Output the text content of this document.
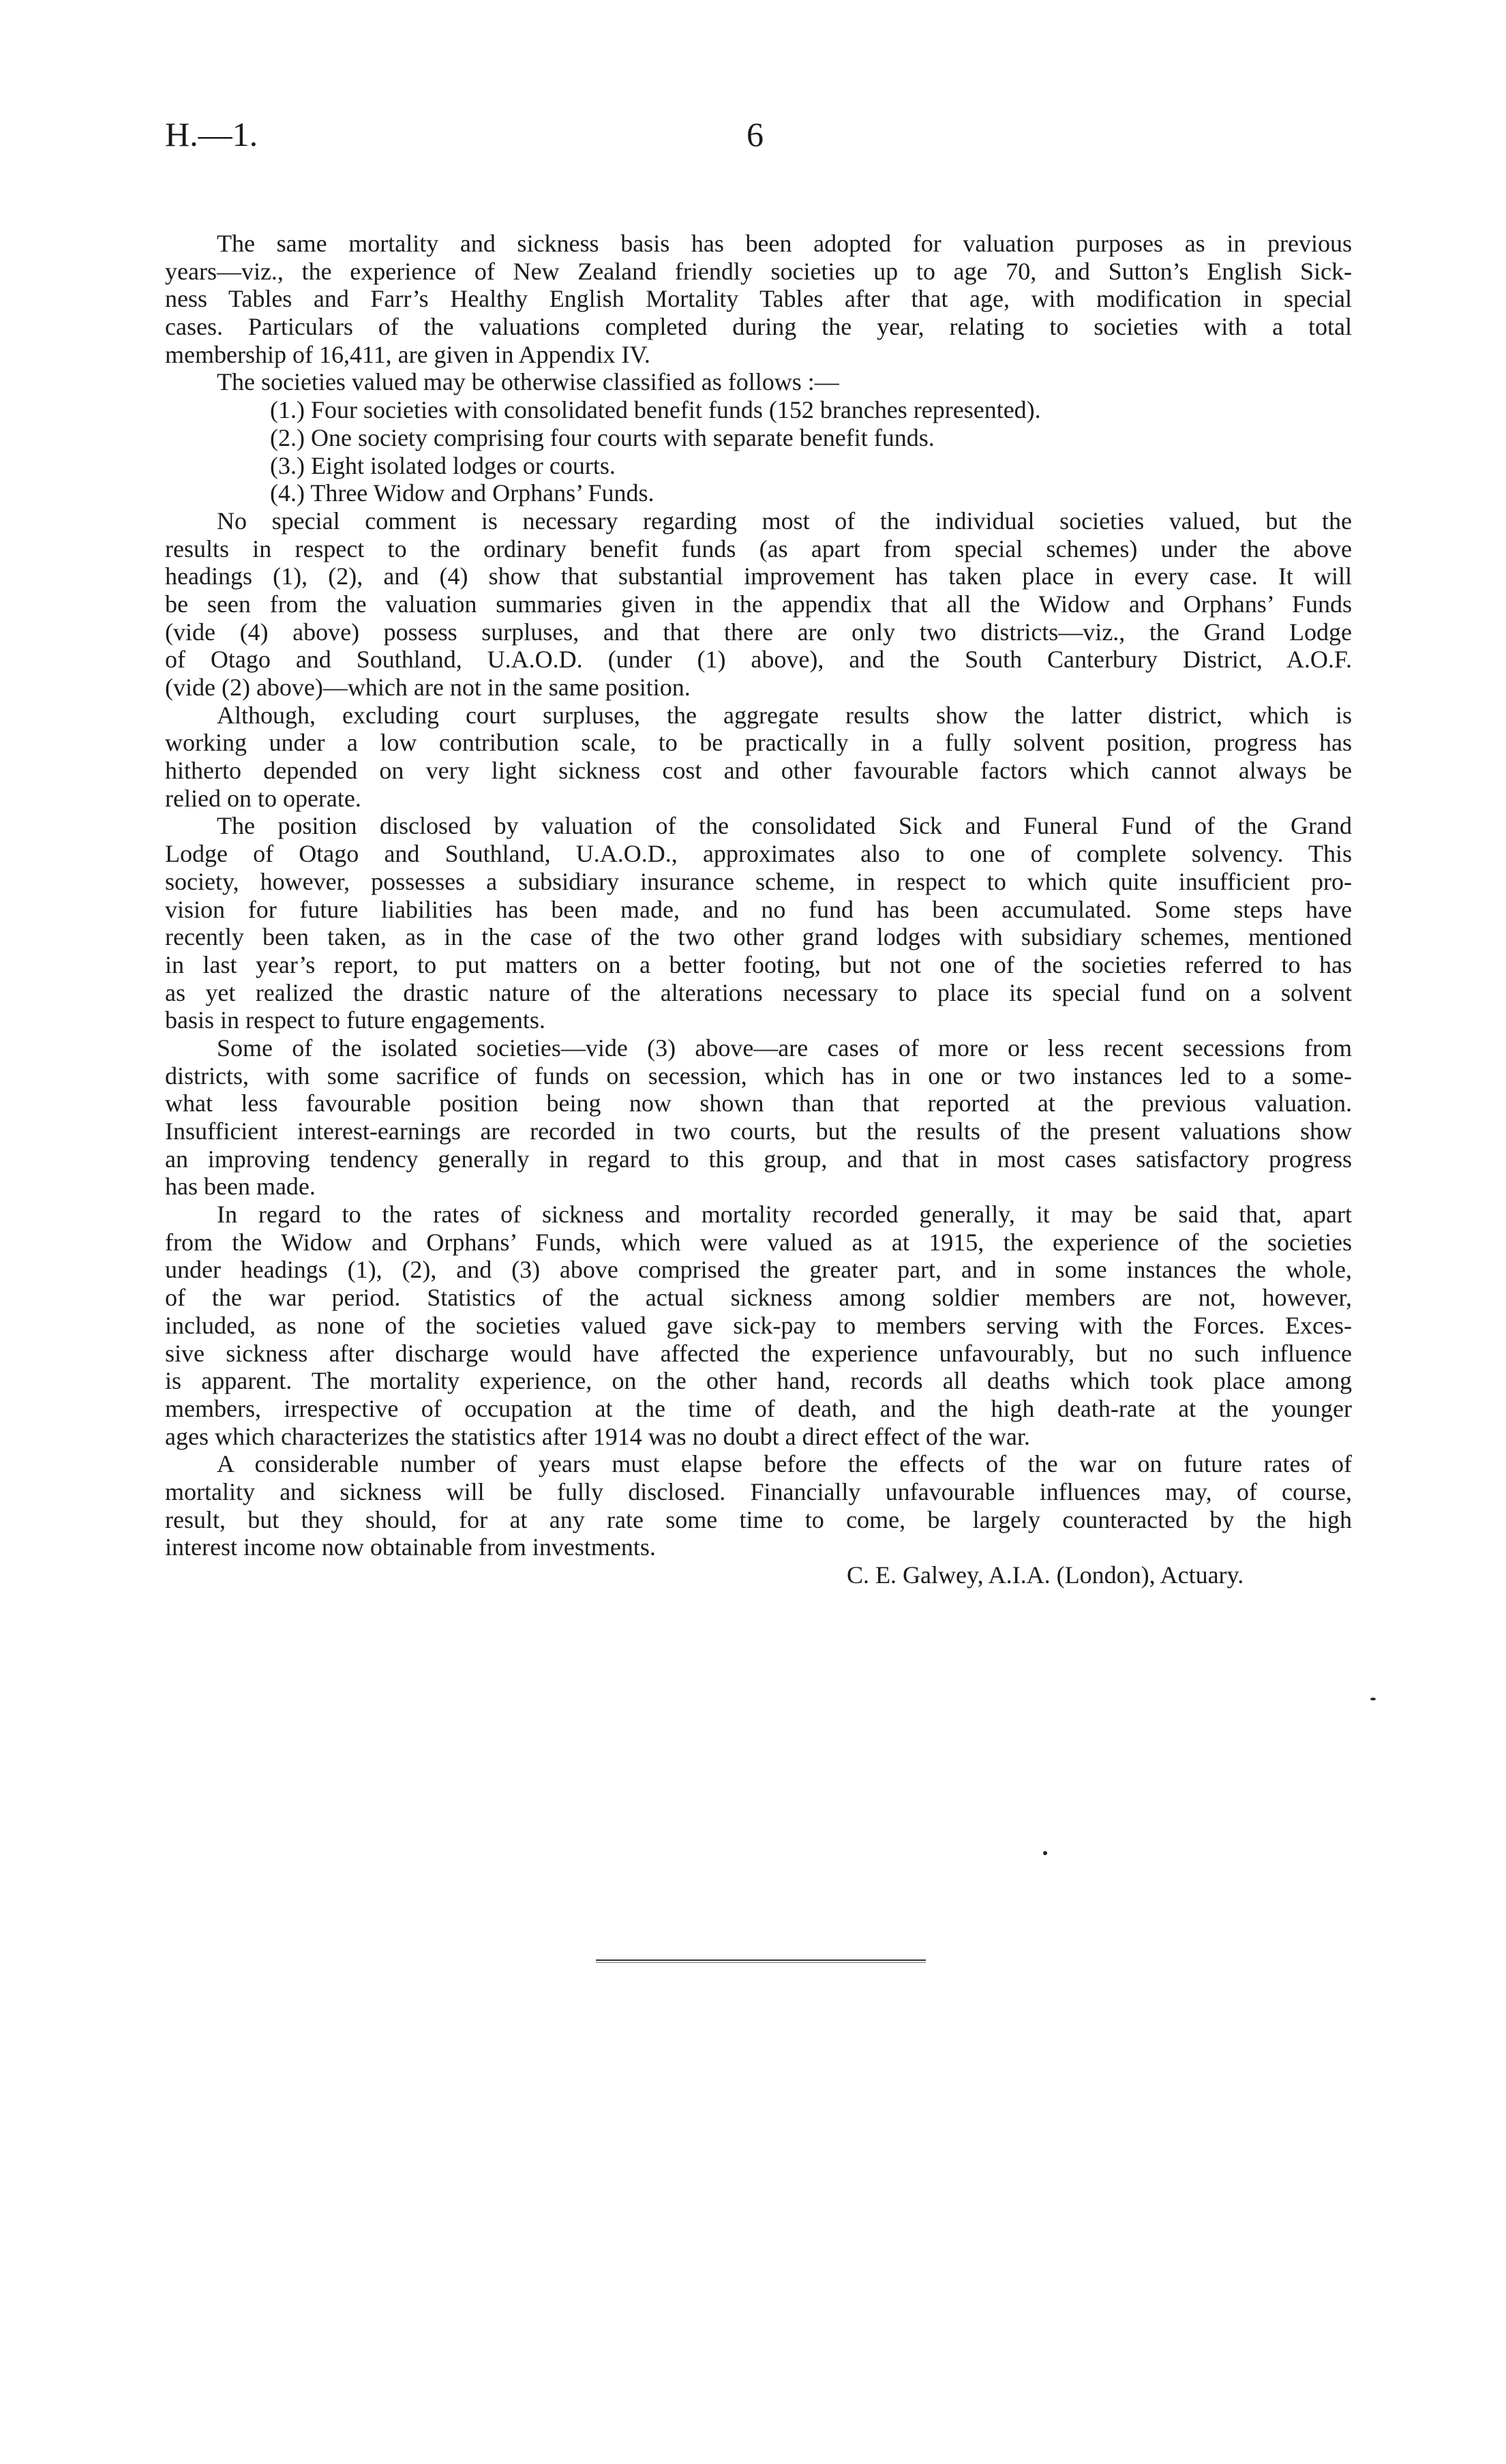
H.—1.	6
The same mortality and sickness basis has been adopted for valuation purposes as in previous
years—viz., the experience of New Zealand friendly societies up to age 70, and Sutton’s English Sick-
ness Tables and Farr’s Healthy English Mortality Tables after that age, with modification in special
cases. Particulars of the valuations completed during the year, relating to societies with a total
membership of 16,411, are given in Appendix IV.
The societies valued may be otherwise classified as follows :—
(1.) Four societies with consolidated benefit funds (152 branches represented).
(2.) One society comprising four courts with separate benefit funds.
(3.) Eight isolated lodges or courts.
(4.) Three Widow and Orphans’ Funds.
No special comment is necessary regarding most of the individual societies valued, but the
results in respect to the ordinary benefit funds (as apart from special schemes) under the above
headings (1), (2), and (4) show that substantial improvement has taken place in every case. It will
be seen from the valuation summaries given in the appendix that all the Widow and Orphans’ Funds
(vide (4) above) possess surpluses, and that there are only two districts—viz., the Grand Lodge
of Otago and Southland, U.A.O.D. (under (1) above), and the South Canterbury District, A.O.F.
(vide (2) above)—which are not in the same position.
Although, excluding court surpluses, the aggregate results show the latter district, which is
working under a low contribution scale, to be practically in a fully solvent position, progress has
hitherto depended on very light sickness cost and other favourable factors which cannot always be
relied on to operate.
The position disclosed by valuation of the consolidated Sick and Funeral Fund of the Grand
Lodge of Otago and Southland, U.A.O.D., approximates also to one of complete solvency. This
society, however, possesses a subsidiary insurance scheme, in respect to which quite insufficient pro-
vision for future liabilities has been made, and no fund has been accumulated. Some steps have
recently been taken, as in the case of the two other grand lodges with subsidiary schemes, mentioned
in last year’s report, to put matters on a better footing, but not one of the societies referred to has
as yet realized the drastic nature of the alterations necessary to place its special fund on a solvent
basis in respect to future engagements.
Some of the isolated societies—vide (3) above—are cases of more or less recent secessions from
districts, with some sacrifice of funds on secession, which has in one or two instances led to a some-
what less favourable position being now shown than that reported at the previous valuation.
Insufficient interest-earnings are recorded in two courts, but the results of the present valuations show
an improving tendency generally in regard to this group, and that in most cases satisfactory progress
has been made.
In regard to the rates of sickness and mortality recorded generally, it may be said that, apart
from the Widow and Orphans’ Funds, which were valued as at 1915, the experience of the societies
under headings (1), (2), and (3) above comprised the greater part, and in some instances the whole,
of the war period. Statistics of the actual sickness among soldier members are not, however,
included, as none of the societies valued gave sick-pay to members serving with the Forces. Exces-
sive sickness after discharge would have affected the experience unfavourably, but no such influence
is apparent. The mortality experience, on the other hand, records all deaths which took place among
members, irrespective of occupation at the time of death, and the high death-rate at the younger
ages which characterizes the statistics after 1914 was no doubt a direct effect of the war.
A considerable number of years must elapse before the effects of the war on future rates of
mortality and sickness will be fully disclosed. Financially unfavourable influences may, of course,
result, but they should, for at any rate some time to come, be largely counteracted by the high
interest income now obtainable from investments.
C. E. Galwey, A.I.A. (London), Actuary.
